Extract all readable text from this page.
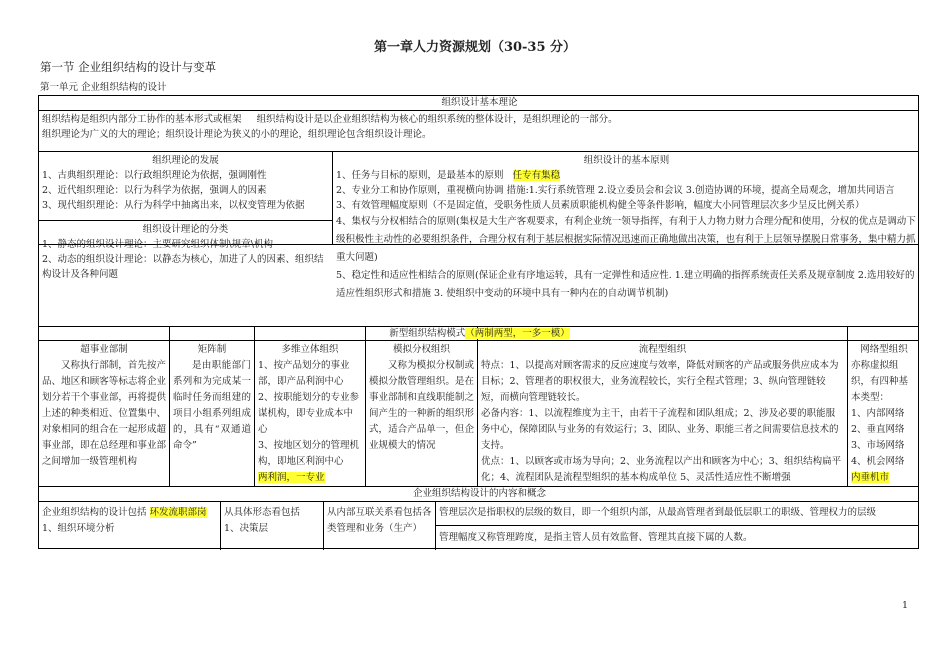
第一章人力资源规划（30-35 分）
第一节 企业组织结构的设计与变革
第一单元 企业组织结构的设计
组织设计基本理论
组织结构是组织内部分工协作的基本形式或框架     组织结构设计是以企业组织结构为核心的组织系统的整体设计，是组织理论的一部分。
组织理论为广义的大的理论；组织设计理论为狭义的小的理论，组织理论包含组织设计理论。
组织理论的发展
1、古典组织理论：以行政组织理论为依据，强调刚性
2、近代组织理论：以行为科学为依据，强调人的因素
3、现代组织理论：从行为科学中抽离出来，以权变管理为依据
组织设计理论的分类
1、静态的组织设计理论：主要研究组织体制\规章\机构
2、动态的组织设计理论：以静态为核心，加进了人的因素、组织结构设计及各种问题
组织设计的基本原则
1、任务与目标的原则，是最基本的原则   任专有集稳
2、专业分工和协作原则，重视横向协调 措施:1.实行系统管理 2.设立委员会和会议 3.创造协调的环境，提高全局观念，增加共同语言
3、有效管理幅度原则（不是固定值，受职务性质人员素质职能机构健全等条件影响，幅度大小同管理层次多少呈反比例关系）
4、集权与分权相结合的原则(集权是大生产客观要求，有利企业统一领导指挥，有利于人力物力财力合理分配和使用，分权的优点是调动下级积极性主动性的必要组织条件，合理分权有利于基层根据实际情况迅速而正确地做出决策，也有利于上层领导摆脱日常事务，集中精力抓重大问题)
5、稳定性和适应性相结合的原则(保证企业有序地运转，具有一定弹性和适应性. 1.建立明确的指挥系统责任关系及规章制度 2.选用较好的适应性组织形式和措施 3. 使组织中变动的环境中具有一种内在的自动调节机制)
新型组织结构模式（两制两型，一多一模）
超事业部制
又称执行部制，首先按产品、地区和顾客等标志将企业划分若干个事业部，再将提供上述的种类相近、位置集中、对象相同的组合在一起形成超事业部，即在总经理和事业部之间增加一级管理机构
矩阵制
是由职能部门系列和为完成某一临时任务而组建的项目小组系列组成的，具有“双通道命令”
多维立体组织
1、按产品划分的事业部，即产品利润中心
2、按职能划分的专业参谋机构，即专业成本中心
3、按地区划分的管理机构，即地区利润中心
两利润，一专业
模拟分权组织
又称为模拟分权制或模拟分散管理组织。是在事业部制和直线职能制之间产生的一种新的组织形式，适合产品单一，但企业规模大的情况
流程型组织
特点：1、以提高对顾客需求的反应速度与效率，降低对顾客的产品或服务供应成本为目标；2、管理者的职权很大，业务流程较长，实行全程式管理；3、纵向管理链较短，而横向管理链较长。
必备内容：1、以流程维度为主干，由若干子流程和团队组成；2、涉及必要的职能服务中心，保障团队与业务的有效运行；3、团队、业务、职能三者之间需要信息技术的支持。
优点：1、以顾客或市场为导向；2、业务流程以产出和顾客为中心；3、组织结构扁平化；4、流程团队是流程型组织的基本构成单位 5、灵活性适应性不断增强
网络型组织
亦称虚拟组织，有四种基本类型：
1、内部网络
2、垂直网络
3、市场网络
4、机会网络
内垂机市
企业组织结构设计的内容和概念
企业组织结构的设计包括 环发流职部岗
1、组织环境分析
从具体形态看包括
1、决策层
从内部互联关系看包括各类管理和业务（生产）
管理层次是指职权的层级的数目，即一个组织内部，从最高管理者到最低层职工的职级、管理权力的层级
管理幅度又称管理跨度，是指主管人员有效监督、管理其直接下属的人数。
1
